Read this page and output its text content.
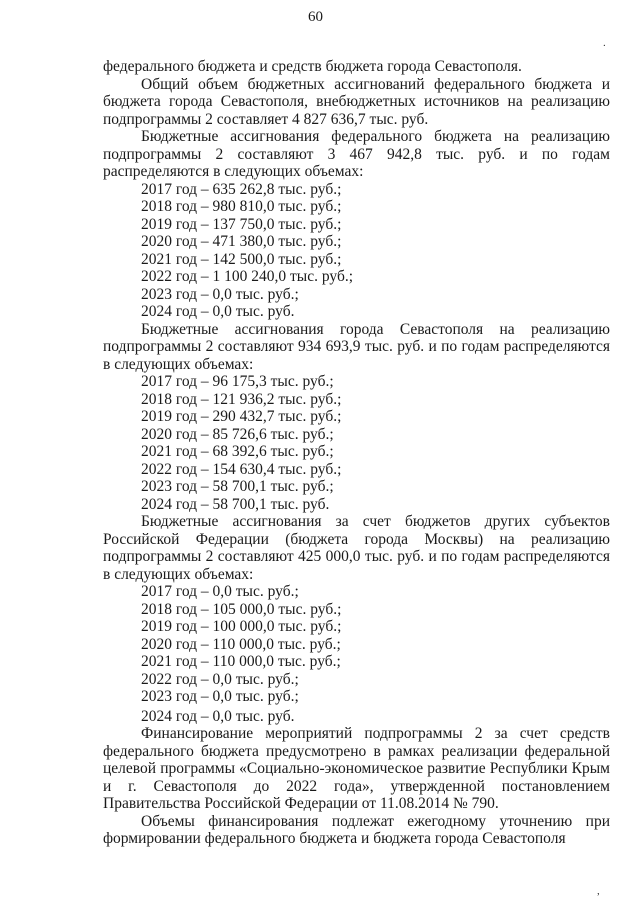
60
.
,

федерального бюджета и средств бюджета города Севастополя.

Общий объем бюджетных ассигнований федерального бюджета и бюджета города Севастополя, внебюджетных источников на реализацию подпрограммы 2 составляет 4 827 636,7 тыс. руб.

Бюджетные ассигнования федерального бюджета на реализацию подпрограммы 2 составляют 3 467 942,8 тыс. руб. и по годам распределяются в следующих объемах:

2017 год – 635 262,8 тыс. руб.;
2018 год – 980 810,0 тыс. руб.;
2019 год – 137 750,0 тыс. руб.;
2020 год – 471 380,0 тыс. руб.;
2021 год – 142 500,0 тыс. руб.;
2022 год – 1 100 240,0 тыс. руб.;
2023 год – 0,0 тыс. руб.;
2024 год – 0,0 тыс. руб.

Бюджетные ассигнования города Севастополя на реализацию подпрограммы 2 составляют 934 693,9 тыс. руб. и по годам распределяются в следующих объемах:

2017 год – 96 175,3 тыс. руб.;
2018 год – 121 936,2 тыс. руб.;
2019 год – 290 432,7 тыс. руб.;
2020 год – 85 726,6 тыс. руб.;
2021 год – 68 392,6 тыс. руб.;
2022 год – 154 630,4 тыс. руб.;
2023 год – 58 700,1 тыс. руб.;
2024 год – 58 700,1 тыс. руб.

Бюджетные ассигнования за счет бюджетов других субъектов Российской Федерации (бюджета города Москвы) на реализацию подпрограммы 2 составляют 425 000,0 тыс. руб. и по годам распределяются в следующих объемах:

2017 год – 0,0 тыс. руб.;
2018 год – 105 000,0 тыс. руб.;
2019 год – 100 000,0 тыс. руб.;
2020 год – 110 000,0 тыс. руб.;
2021 год – 110 000,0 тыс. руб.;
2022 год – 0,0 тыс. руб.;
2023 год – 0,0 тыс. руб.;
2024 год – 0,0 тыс. руб.

Финансирование мероприятий подпрограммы 2 за счет средств федерального бюджета предусмотрено в рамках реализации федеральной целевой программы «Социально-экономическое развитие Республики Крым и г. Севастополя до 2022 года», утвержденной постановлением Правительства Российской Федерации от 11.08.2014 № 790.

Объемы финансирования подлежат ежегодному уточнению при формировании федерального бюджета и бюджета города Севастополя
